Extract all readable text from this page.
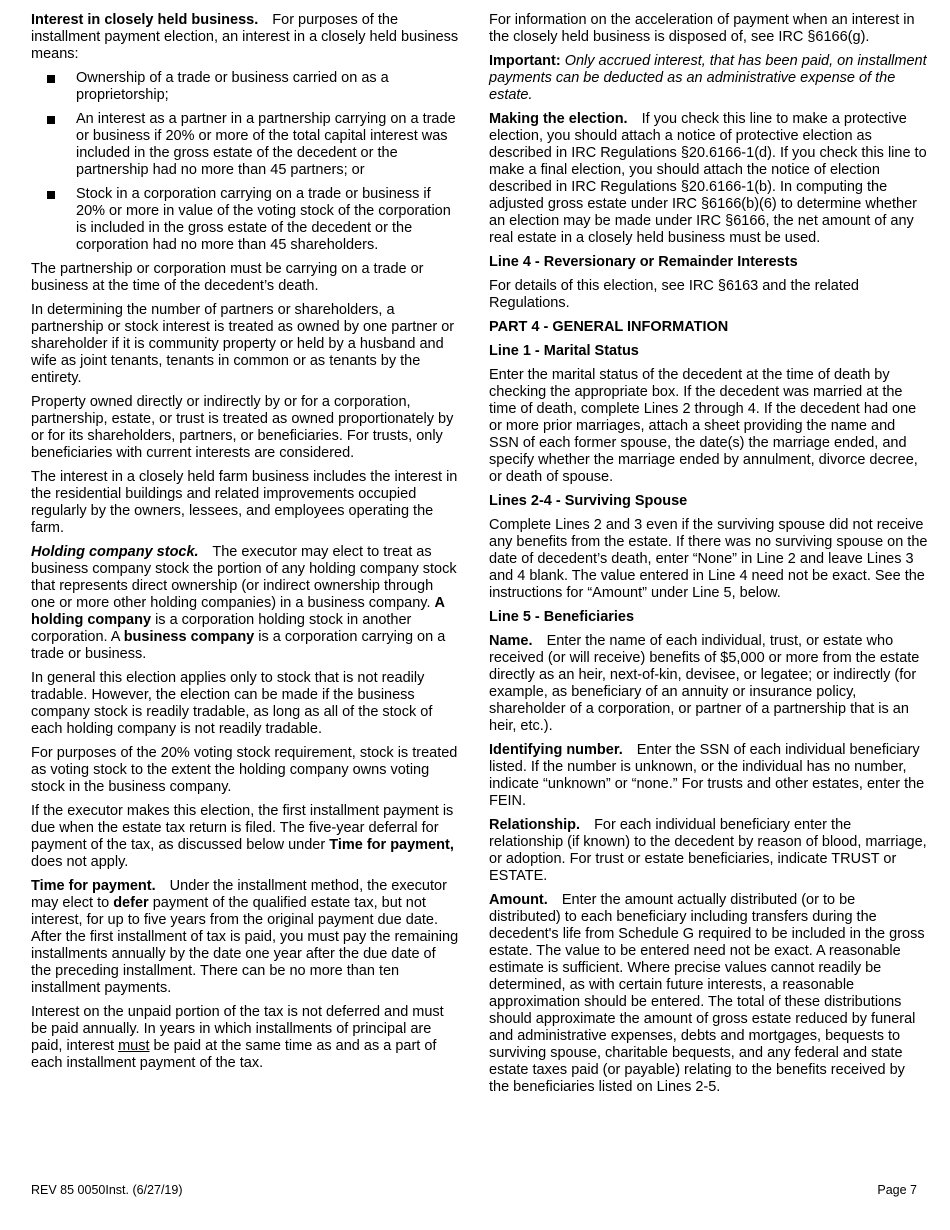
Interest in closely held business. For purposes of the installment payment election, an interest in a closely held business means:

Ownership of a trade or business carried on as a proprietorship;
An interest as a partner in a partnership carrying on a trade or business if 20% or more of the total capital interest was included in the gross estate of the decedent or the partnership had no more than 45 partners; or
Stock in a corporation carrying on a trade or business if 20% or more in value of the voting stock of the corporation is included in the gross estate of the decedent or the corporation had no more than 45 shareholders.

The partnership or corporation must be carrying on a trade or business at the time of the decedent’s death.

In determining the number of partners or shareholders, a partnership or stock interest is treated as owned by one partner or shareholder if it is community property or held by a husband and wife as joint tenants, tenants in common or as tenants by the entirety.

Property owned directly or indirectly by or for a corporation, partnership, estate, or trust is treated as owned proportionately by or for its shareholders, partners, or beneficiaries. For trusts, only beneficiaries with current interests are considered.

The interest in a closely held farm business includes the interest in the residential buildings and related improvements occupied regularly by the owners, lessees, and employees operating the farm.

Holding company stock. The executor may elect to treat as business company stock the portion of any holding company stock that represents direct ownership (or indirect ownership through one or more other holding companies) in a business company. A holding company is a corporation holding stock in another corporation. A business company is a corporation carrying on a trade or business.

In general this election applies only to stock that is not readily tradable. However, the election can be made if the business company stock is readily tradable, as long as all of the stock of each holding company is not readily tradable.

For purposes of the 20% voting stock requirement, stock is treated as voting stock to the extent the holding company owns voting stock in the business company.

If the executor makes this election, the first installment payment is due when the estate tax return is filed. The five-year deferral for payment of the tax, as discussed below under Time for payment, does not apply.

Time for payment. Under the installment method, the executor may elect to defer payment of the qualified estate tax, but not interest, for up to five years from the original payment due date. After the first installment of tax is paid, you must pay the remaining installments annually by the date one year after the due date of the preceding installment. There can be no more than ten installment payments.

Interest on the unpaid portion of the tax is not deferred and must be paid annually. In years in which installments of principal are paid, interest must be paid at the same time as and as a part of each installment payment of the tax.

For information on the acceleration of payment when an interest in the closely held business is disposed of, see IRC §6166(g).

Important: Only accrued interest, that has been paid, on installment payments can be deducted as an administrative expense of the estate.

Making the election. If you check this line to make a protective election, you should attach a notice of protective election as described in IRC Regulations §20.6166-1(d). If you check this line to make a final election, you should attach the notice of election described in IRC Regulations §20.6166-1(b). In computing the adjusted gross estate under IRC §6166(b)(6) to determine whether an election may be made under IRC §6166, the net amount of any real estate in a closely held business must be used.

Line 4 - Reversionary or Remainder Interests

For details of this election, see IRC §6163 and the related Regulations.

PART 4 - GENERAL INFORMATION
Line 1 - Marital Status

Enter the marital status of the decedent at the time of death by checking the appropriate box. If the decedent was married at the time of death, complete Lines 2 through 4. If the decedent had one or more prior marriages, attach a sheet providing the name and SSN of each former spouse, the date(s) the marriage ended, and specify whether the marriage ended by annulment, divorce decree, or death of spouse.

Lines 2-4 - Surviving Spouse

Complete Lines 2 and 3 even if the surviving spouse did not receive any benefits from the estate. If there was no surviving spouse on the date of decedent’s death, enter “None” in Line 2 and leave Lines 3 and 4 blank. The value entered in Line 4 need not be exact. See the instructions for “Amount” under Line 5, below.

Line 5 - Beneficiaries

Name. Enter the name of each individual, trust, or estate who received (or will receive) benefits of $5,000 or more from the estate directly as an heir, next-of-kin, devisee, or legatee; or indirectly (for example, as beneficiary of an annuity or insurance policy, shareholder of a corporation, or partner of a partnership that is an heir, etc.).

Identifying number. Enter the SSN of each individual beneficiary listed. If the number is unknown, or the individual has no number, indicate “unknown” or “none.” For trusts and other estates, enter the FEIN.

Relationship. For each individual beneficiary enter the relationship (if known) to the decedent by reason of blood, marriage, or adoption. For trust or estate beneficiaries, indicate TRUST or ESTATE.

Amount. Enter the amount actually distributed (or to be distributed) to each beneficiary including transfers during the decedent's life from Schedule G required to be included in the gross estate. The value to be entered need not be exact. A reasonable estimate is sufficient. Where precise values cannot readily be determined, as with certain future interests, a reasonable approximation should be entered. The total of these distributions should approximate the amount of gross estate reduced by funeral and administrative expenses, debts and mortgages, bequests to surviving spouse, charitable bequests, and any federal and state estate taxes paid (or payable) relating to the benefits received by the beneficiaries listed on Lines 2-5.

REV 85 0050Inst. (6/27/19)	Page 7
